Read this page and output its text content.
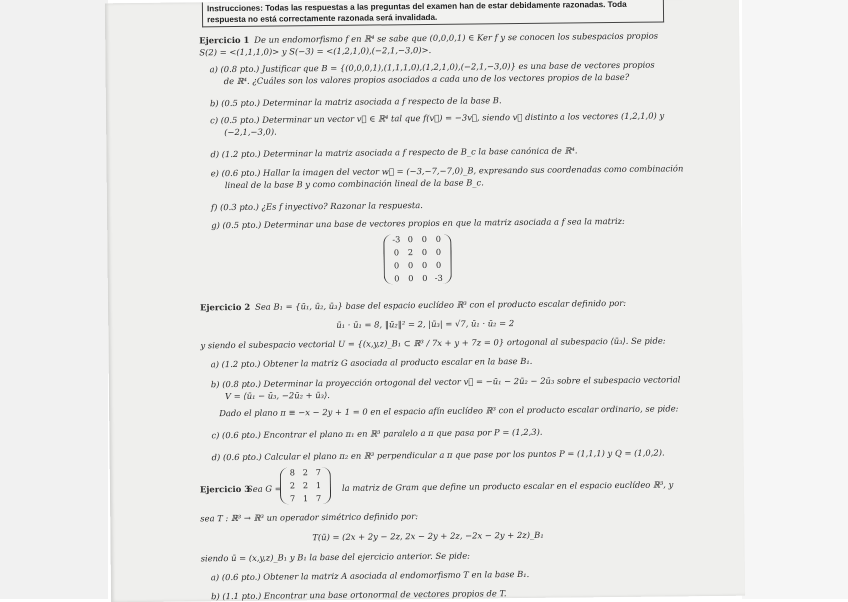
Instrucciones: Todas las respuestas a las preguntas del examen han de estar debidamente razonadas. Toda
respuesta no está correctamente razonada será invalidada.
Ejercicio 1 De un endomorfismo f en ℝ⁴ se sabe que (0,0,0,1) ∈ Ker f y se conocen los subespacios propios
S(2) = <(1,1,1,0)> y S(−3) = <(1,2,1,0),(−2,1,−3,0)>.
a) (0.8 pto.) Justificar que B = {(0,0,0,1),(1,1,1,0),(1,2,1,0),(−2,1,−3,0)} es una base de vectores propios
de ℝ⁴. ¿Cuáles son los valores propios asociados a cada uno de los vectores propios de la base?
b) (0.5 pto.) Determinar la matriz asociada a f respecto de la base B.
c) (0.5 pto.) Determinar un vector v⃗ ∈ ℝ⁴ tal que f(v⃗) = −3v⃗, siendo v⃗ distinto a los vectores (1,2,1,0) y
(−2,1,−3,0).
d) (1.2 pto.) Determinar la matriz asociada a f respecto de B_c la base canónica de ℝ⁴.
e) (0.6 pto.) Hallar la imagen del vector w⃗ = (−3,−7,−7,0)_B, expresando sus coordenadas como combinación
lineal de la base B y como combinación lineal de la base B_c.
f) (0.3 pto.) ¿Es f inyectivo? Razonar la respuesta.
g) (0.5 pto.) Determinar una base de vectores propios en que la matriz asociada a f sea la matriz:
-3 0	0	0
0	2	0	0
0	0	0	0
0	0	0 -3
Ejercicio 2 Sea B₁ = {ū₁, ū₂, ū₃} base del espacio euclídeo ℝ³ con el producto escalar definido por:
ū₁ · ū₁ = 8, ‖ū₂‖² = 2, |ū₃| = √7, ū₁ · ū₂ = 2
y siendo el subespacio vectorial U = {(x,y,z)_B₁ ⊂ ℝ³ / 7x + y + 7z = 0} ortogonal al subespacio ⟨ū₃⟩. Se pide:
a) (1.2 pto.) Obtener la matriz G asociada al producto escalar en la base B₁.
b) (0.8 pto.) Determinar la proyección ortogonal del vector v⃗ = −ū₁ − 2ū₂ − 2ū₃ sobre el subespacio vectorial
V = ⟨ū₁ − ū₃, −2ū₂ + ū₃⟩.
Dado el plano π ≡ −x − 2y + 1 = 0 en el espacio afín euclídeo ℝ³ con el producto escalar ordinario, se pide:
c) (0.6 pto.) Encontrar el plano π₁ en ℝ³ paralelo a π que pasa por P = (1,2,3).
d) (0.6 pto.) Calcular el plano π₂ en ℝ³ perpendicular a π que pase por los puntos P = (1,1,1) y Q = (1,0,2).
Ejercicio 3
Sea G =
8 2 7
2 2 1
7 1 7
la matriz de Gram que define un producto escalar en el espacio euclídeo ℝ³, y
sea T : ℝ³ → ℝ³ un operador simétrico definido por:
T(ū) = (2x + 2y − 2z, 2x − 2y + 2z, −2x − 2y + 2z)_B₁
siendo ū = (x,y,z)_B₁ y B₁ la base del ejercicio anterior. Se pide:
a) (0.6 pto.) Obtener la matriz A asociada al endomorfismo T en la base B₁.
b) (1.1 pto.) Encontrar una base ortonormal de vectores propios de T.
